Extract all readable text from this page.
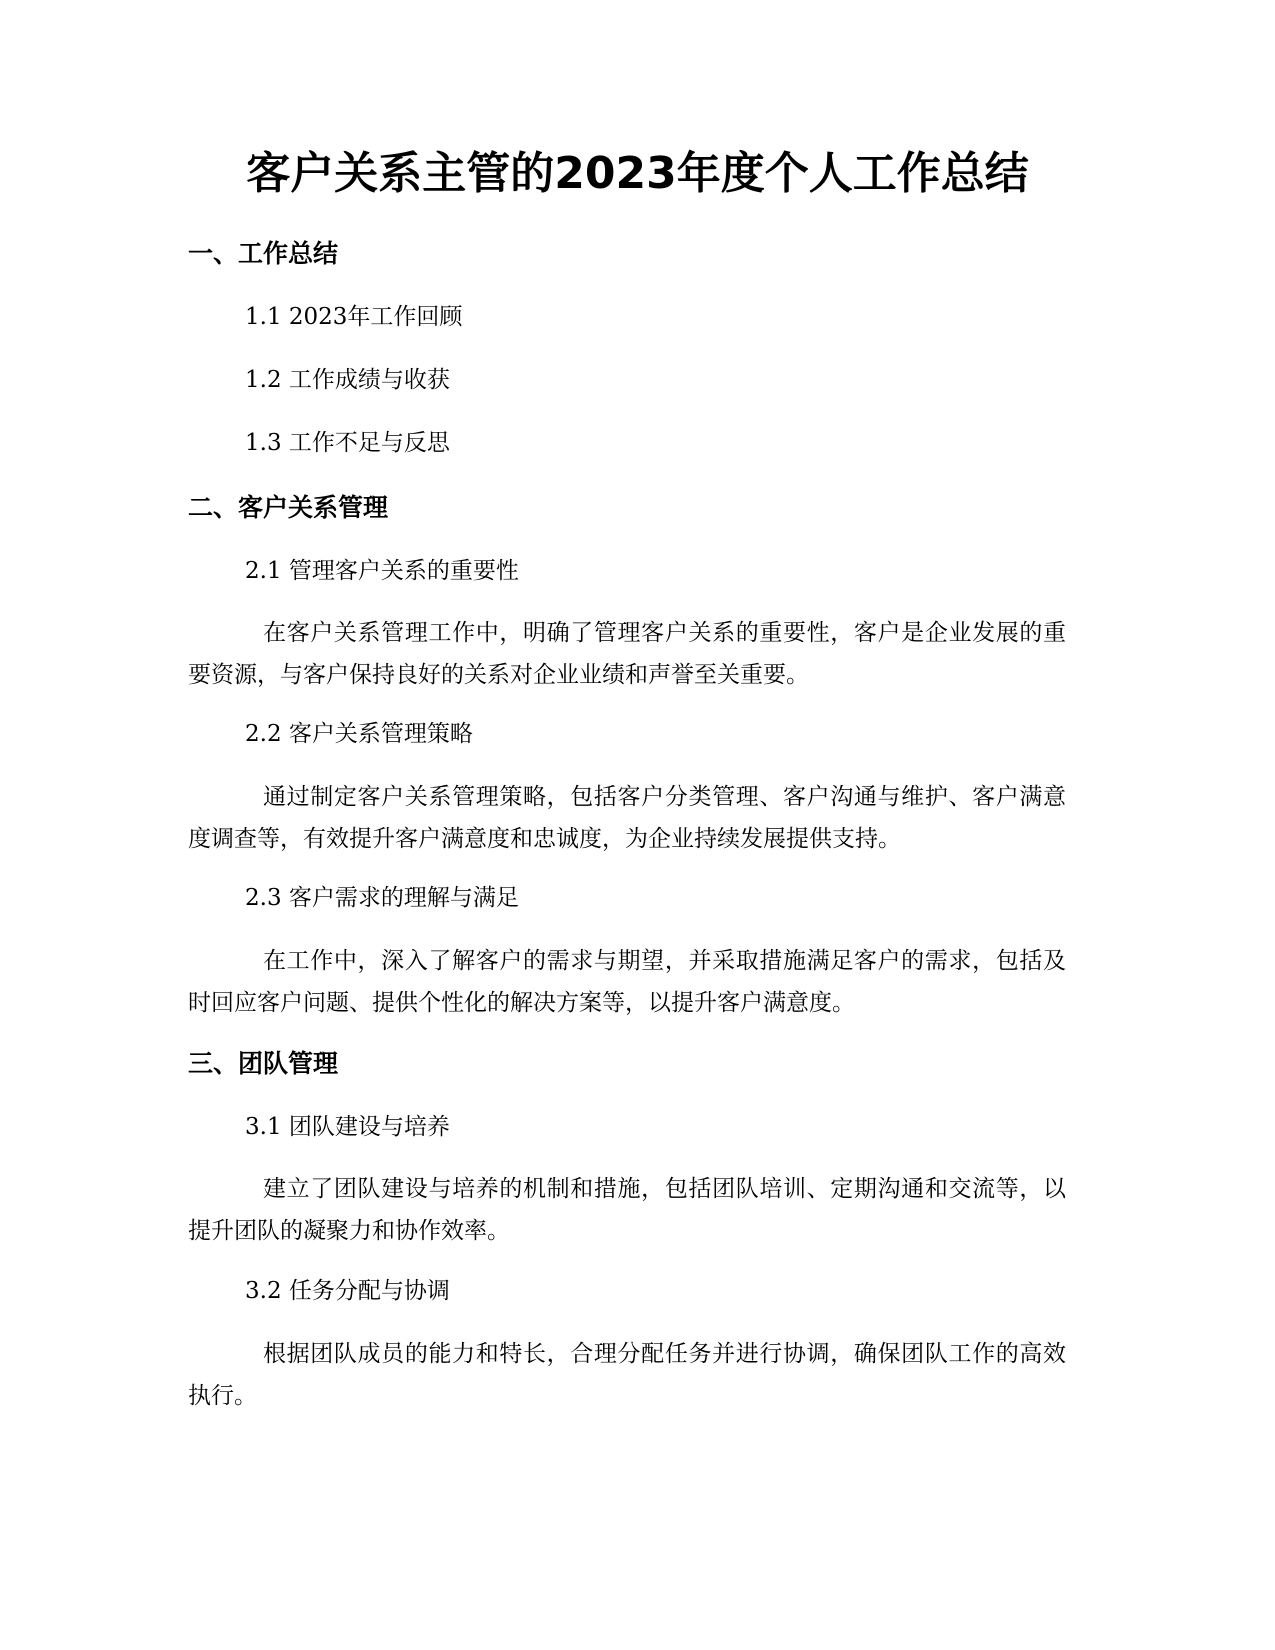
客户关系主管的2023年度个人工作总结
一、工作总结
1.1 2023年工作回顾
1.2 工作成绩与收获
1.3 工作不足与反思
二、客户关系管理
2.1 管理客户关系的重要性
在客户关系管理工作中，明确了管理客户关系的重要性，客户是企业发展的重要资源，与客户保持良好的关系对企业业绩和声誉至关重要。
2.2 客户关系管理策略
通过制定客户关系管理策略，包括客户分类管理、客户沟通与维护、客户满意度调查等，有效提升客户满意度和忠诚度，为企业持续发展提供支持。
2.3 客户需求的理解与满足
在工作中，深入了解客户的需求与期望，并采取措施满足客户的需求，包括及时回应客户问题、提供个性化的解决方案等，以提升客户满意度。
三、团队管理
3.1 团队建设与培养
建立了团队建设与培养的机制和措施，包括团队培训、定期沟通和交流等，以提升团队的凝聚力和协作效率。
3.2 任务分配与协调
根据团队成员的能力和特长，合理分配任务并进行协调，确保团队工作的高效执行。
